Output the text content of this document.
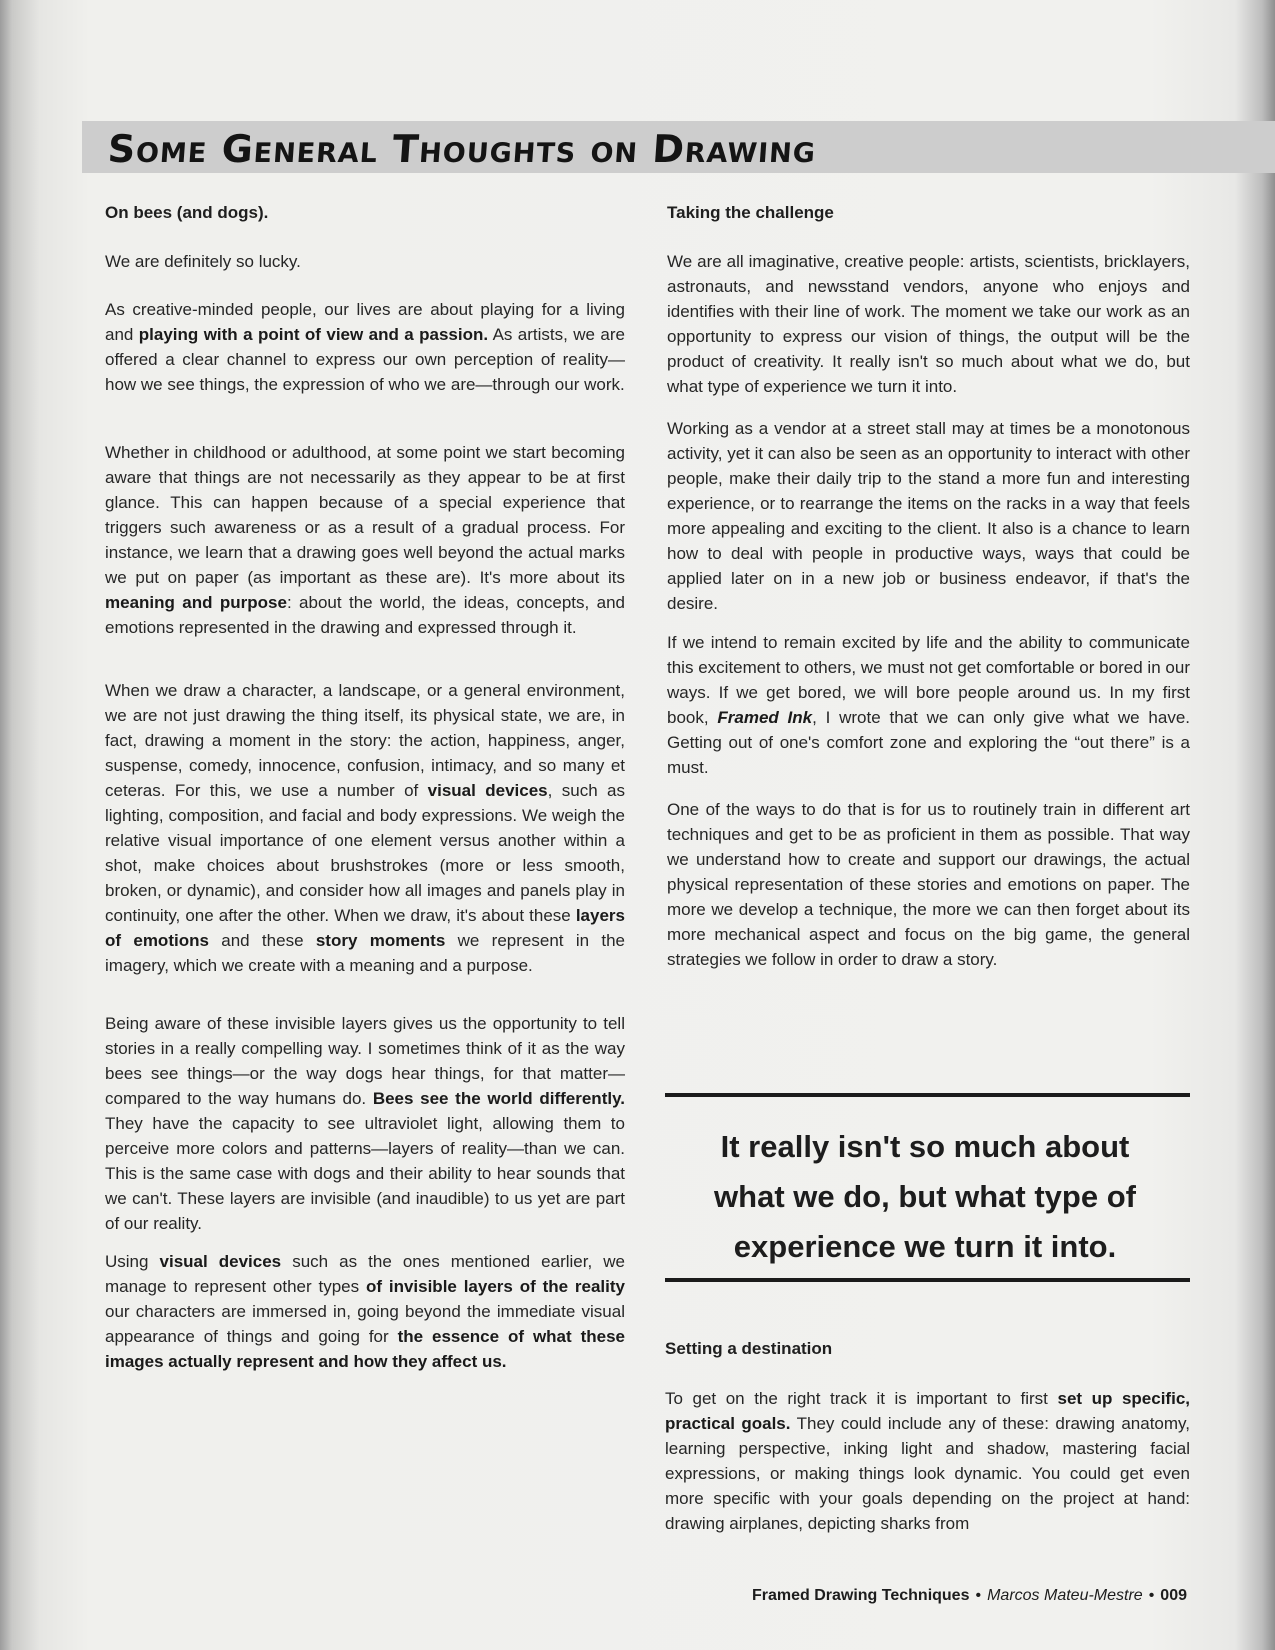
Some General Thoughts on Drawing
On bees (and dogs).
We are definitely so lucky.
As creative-minded people, our lives are about playing for a living and playing with a point of view and a passion. As artists, we are offered a clear channel to express our own perception of reality—how we see things, the expression of who we are—through our work.
Whether in childhood or adulthood, at some point we start becoming aware that things are not necessarily as they appear to be at first glance. This can happen because of a special experience that triggers such awareness or as a result of a gradual process. For instance, we learn that a drawing goes well beyond the actual marks we put on paper (as important as these are). It's more about its meaning and purpose: about the world, the ideas, concepts, and emotions represented in the drawing and expressed through it.
When we draw a character, a landscape, or a general environment, we are not just drawing the thing itself, its physical state, we are, in fact, drawing a moment in the story: the action, happiness, anger, suspense, comedy, innocence, confusion, intimacy, and so many et ceteras. For this, we use a number of visual devices, such as lighting, composition, and facial and body expressions. We weigh the relative visual importance of one element versus another within a shot, make choices about brushstrokes (more or less smooth, broken, or dynamic), and consider how all images and panels play in continuity, one after the other. When we draw, it's about these layers of emotions and these story moments we represent in the imagery, which we create with a meaning and a purpose.
Being aware of these invisible layers gives us the opportunity to tell stories in a really compelling way. I sometimes think of it as the way bees see things—or the way dogs hear things, for that matter—compared to the way humans do. Bees see the world differently. They have the capacity to see ultraviolet light, allowing them to perceive more colors and patterns—layers of reality—than we can. This is the same case with dogs and their ability to hear sounds that we can't. These layers are invisible (and inaudible) to us yet are part of our reality.
Using visual devices such as the ones mentioned earlier, we manage to represent other types of invisible layers of the reality our characters are immersed in, going beyond the immediate visual appearance of things and going for the essence of what these images actually represent and how they affect us.
Taking the challenge
We are all imaginative, creative people: artists, scientists, bricklayers, astronauts, and newsstand vendors, anyone who enjoys and identifies with their line of work. The moment we take our work as an opportunity to express our vision of things, the output will be the product of creativity. It really isn't so much about what we do, but what type of experience we turn it into.
Working as a vendor at a street stall may at times be a monotonous activity, yet it can also be seen as an opportunity to interact with other people, make their daily trip to the stand a more fun and interesting experience, or to rearrange the items on the racks in a way that feels more appealing and exciting to the client. It also is a chance to learn how to deal with people in productive ways, ways that could be applied later on in a new job or business endeavor, if that's the desire.
If we intend to remain excited by life and the ability to communicate this excitement to others, we must not get comfortable or bored in our ways. If we get bored, we will bore people around us. In my first book, Framed Ink, I wrote that we can only give what we have. Getting out of one's comfort zone and exploring the “out there” is a must.
One of the ways to do that is for us to routinely train in different art techniques and get to be as proficient in them as possible. That way we understand how to create and support our drawings, the actual physical representation of these stories and emotions on paper. The more we develop a technique, the more we can then forget about its more mechanical aspect and focus on the big game, the general strategies we follow in order to draw a story.
It really isn't so much about
what we do, but what type of
experience we turn it into.
Setting a destination
To get on the right track it is important to first set up specific, practical goals. They could include any of these: drawing anatomy, learning perspective, inking light and shadow, mastering facial expressions, or making things look dynamic. You could get even more specific with your goals depending on the project at hand: drawing airplanes, depicting sharks from
Framed Drawing Techniques • Marcos Mateu-Mestre • 009
